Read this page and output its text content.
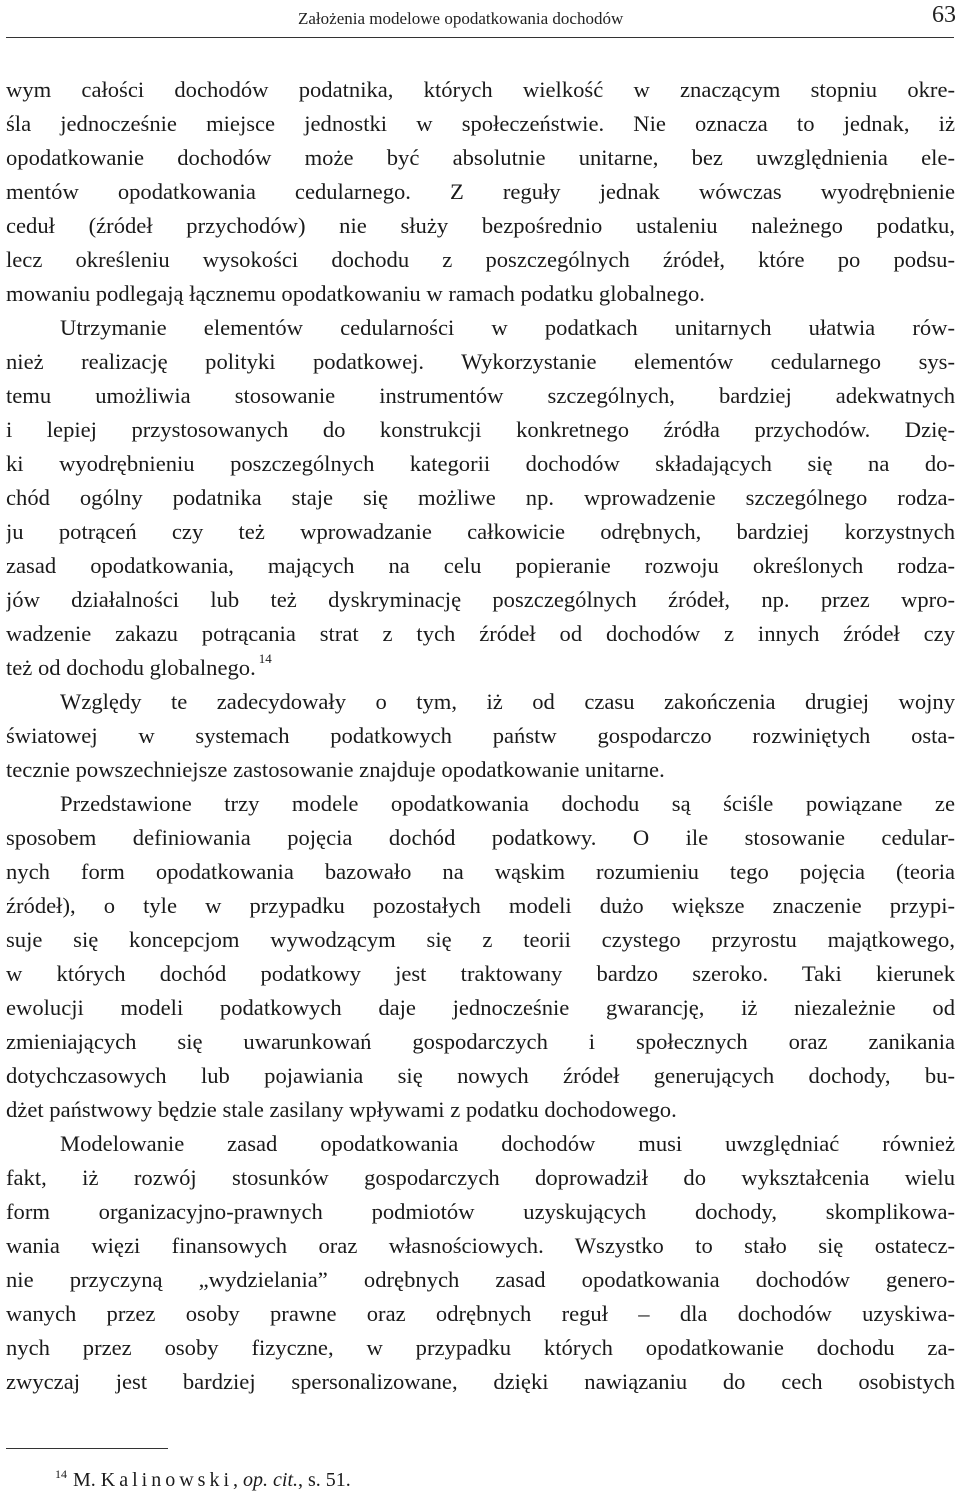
Założenia modelowe opodatkowania dochodów	63
wym całości dochodów podatnika, których wielkość w znaczącym stopniu okre-
śla jednocześnie miejsce jednostki w społeczeństwie. Nie oznacza to jednak, iż
opodatkowanie dochodów może być absolutnie unitarne, bez uwzględnienia ele-
mentów opodatkowania cedularnego. Z reguły jednak wówczas wyodrębnienie
ceduł (źródeł przychodów) nie służy bezpośrednio ustaleniu należnego podatku,
lecz określeniu wysokości dochodu z poszczególnych źródeł, które po podsu-
mowaniu podlegają łącznemu opodatkowaniu w ramach podatku globalnego.
Utrzymanie elementów cedularności w podatkach unitarnych ułatwia rów-
nież realizację polityki podatkowej. Wykorzystanie elementów cedularnego sys-
temu umożliwia stosowanie instrumentów szczególnych, bardziej adekwatnych
i lepiej przystosowanych do konstrukcji konkretnego źródła przychodów. Dzię-
ki wyodrębnieniu poszczególnych kategorii dochodów składających się na do-
chód ogólny podatnika staje się możliwe np. wprowadzenie szczególnego rodza-
ju potrąceń czy też wprowadzanie całkowicie odrębnych, bardziej korzystnych
zasad opodatkowania, mających na celu popieranie rozwoju określonych rodza-
jów działalności lub też dyskryminację poszczególnych źródeł, np. przez wpro-
wadzenie zakazu potrącania strat z tych źródeł od dochodów z innych źródeł czy
też od dochodu globalnego. $^{14}$
Względy te zadecydowały o tym, iż od czasu zakończenia drugiej wojny
światowej w systemach podatkowych państw gospodarczo rozwiniętych osta-
tecznie powszechniejsze zastosowanie znajduje opodatkowanie unitarne.
Przedstawione trzy modele opodatkowania dochodu są ściśle powiązane ze
sposobem definiowania pojęcia dochód podatkowy. O ile stosowanie cedular-
nych form opodatkowania bazowało na wąskim rozumieniu tego pojęcia (teoria
źródeł), o tyle w przypadku pozostałych modeli dużo większe znaczenie przypi-
suje się koncepcjom wywodzącym się z teorii czystego przyrostu majątkowego,
w których dochód podatkowy jest traktowany bardzo szeroko. Taki kierunek
ewolucji modeli podatkowych daje jednocześnie gwarancję, iż niezależnie od
zmieniających się uwarunkowań gospodarczych i społecznych oraz zanikania
dotychczasowych lub pojawiania się nowych źródeł generujących dochody, bu-
dżet państwowy będzie stale zasilany wpływami z podatku dochodowego.
Modelowanie zasad opodatkowania dochodów musi uwzględniać również
fakt, iż rozwój stosunków gospodarczych doprowadził do wykształcenia wielu
form organizacyjno-prawnych podmiotów uzyskujących dochody, skomplikowa-
wania więzi finansowych oraz własnościowych. Wszystko to stało się ostatecz-
nie przyczyną „wydzielania” odrębnych zasad opodatkowania dochodów genero-
wanych przez osoby prawne oraz odrębnych reguł – dla dochodów uzyskiwa-
nych przez osoby fizyczne, w przypadku których opodatkowanie dochodu za-
zwyczaj jest bardziej spersonalizowane, dzięki nawiązaniu do cech osobistych
$^{14}$ M. Kalinowski, op. cit., s. 51.
